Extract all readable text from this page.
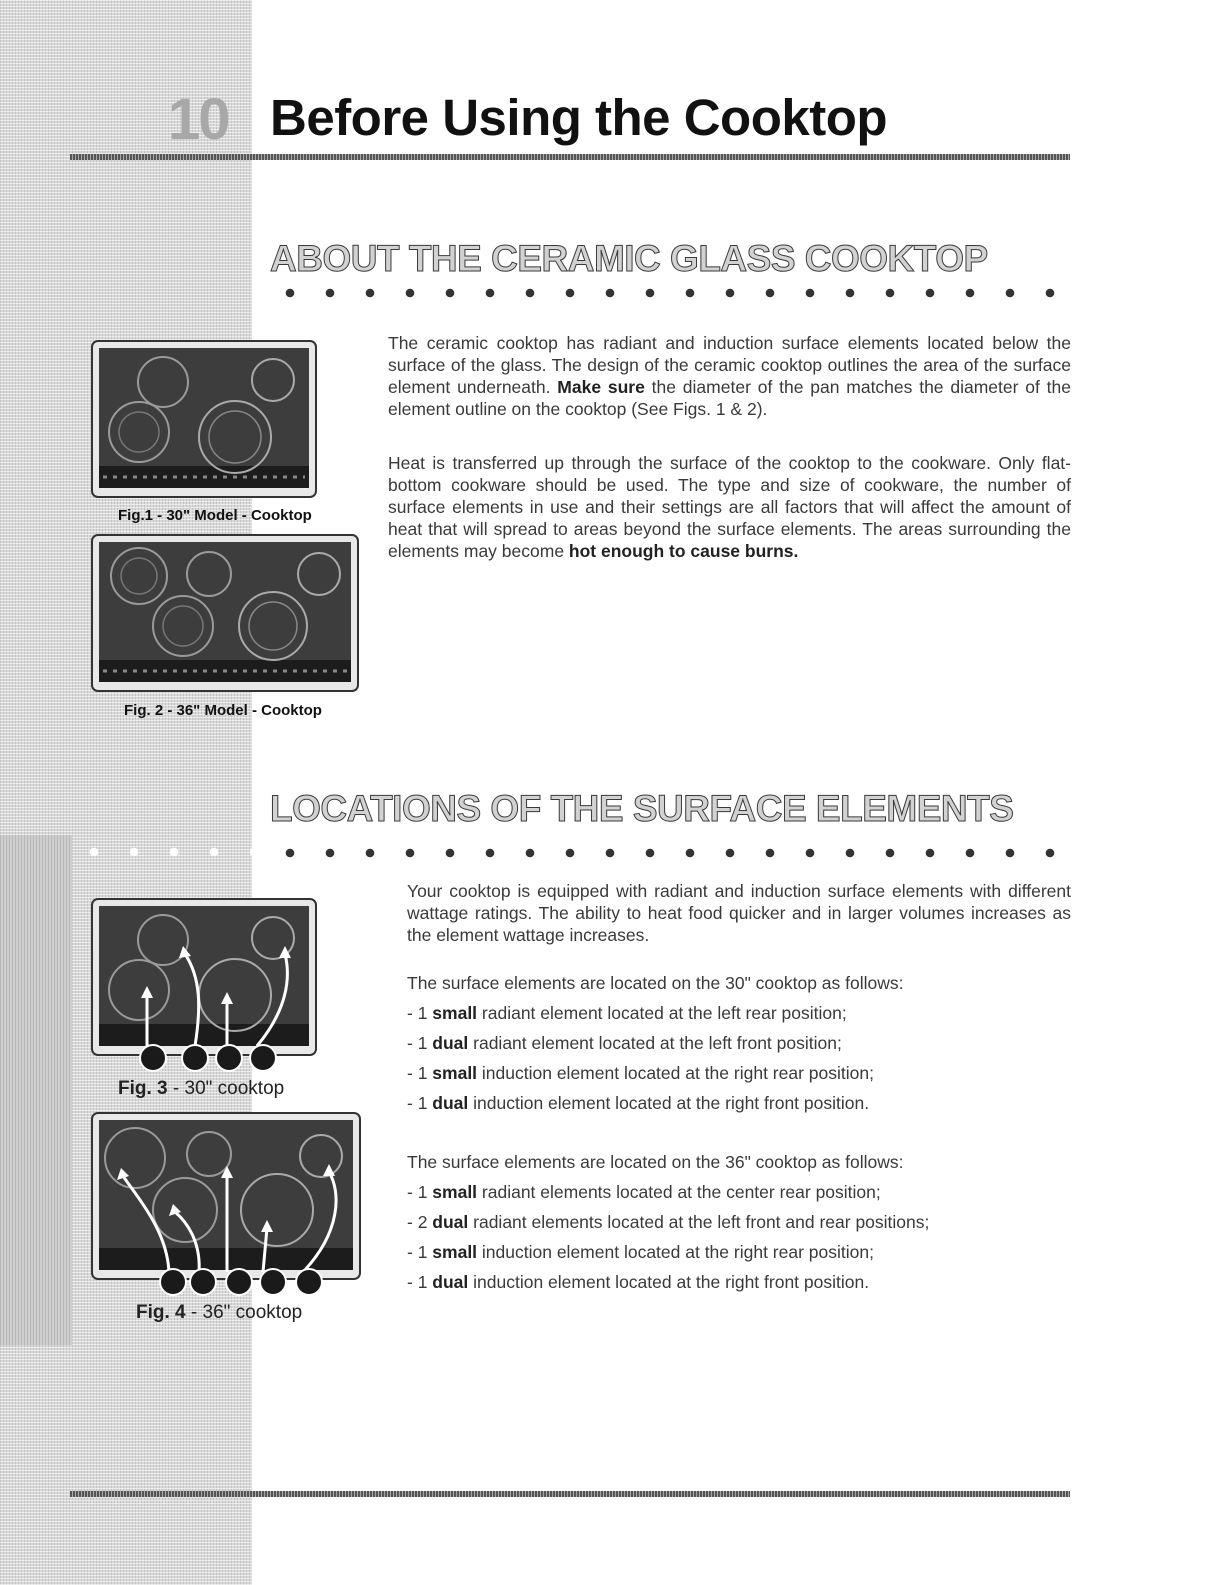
10 Before Using the Cooktop
ABOUT THE CERAMIC GLASS COOKTOP

The ceramic cooktop has radiant and induction surface elements located below the surface of the glass. The design of the ceramic cooktop outlines the area of the surface element underneath. Make sure the diameter of the pan matches the diameter of the element outline on the cooktop (See Figs. 1 & 2).

Heat is transferred up through the surface of the cooktop to the cookware. Only flat-bottom cookware should be used. The type and size of cookware, the number of surface elements in use and their settings are all factors that will affect the amount of heat that will spread to areas beyond the surface elements. The areas surrounding the elements may become hot enough to cause burns.

Fig.1 - 30" Model - Cooktop
Fig. 2 - 36" Model - Cooktop
LOCATIONS OF THE SURFACE ELEMENTS

Your cooktop is equipped with radiant and induction surface elements with different wattage ratings. The ability to heat food quicker and in larger volumes increases as the element wattage increases.

The surface elements are located on the 30" cooktop as follows:

- 1 small radiant element located at the left rear position;
- 1 dual radiant element located at the left front position;
- 1 small induction element located at the right rear position;
- 1 dual induction element located at the right front position.

The surface elements are located on the 36" cooktop as follows:

- 1 small radiant elements located at the center rear position;
- 2 dual radiant elements located at the left front and rear positions;
- 1 small induction element located at the right rear position;
- 1 dual induction element located at the right front position.
Fig. 3 - 30" cooktop
Fig. 4 - 36" cooktop
